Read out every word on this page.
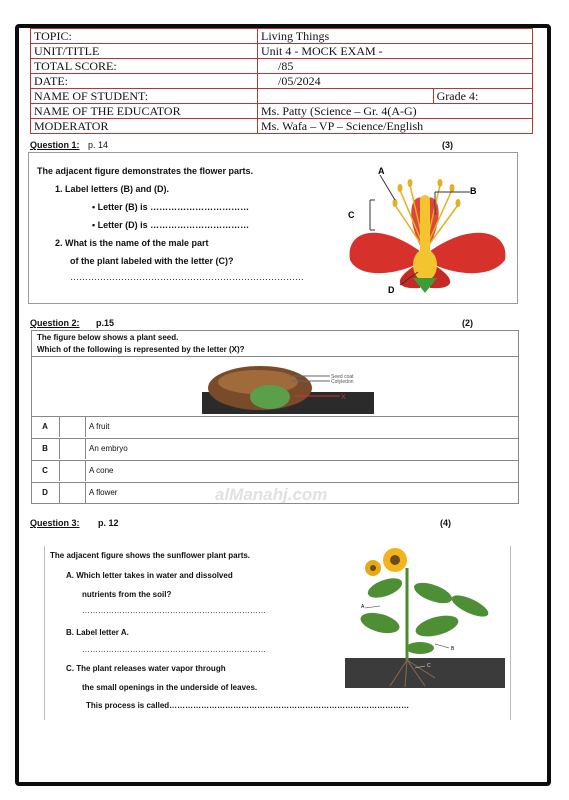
TOPIC:	Living Things	
UNIT/TITLE	Unit 4 - MOCK EXAM -	
TOTAL SCORE:	/85	
DATE:	/05/2024	
NAME OF STUDENT:		Grade 4:
NAME OF THE EDUCATOR	Ms. Patty (Science – Gr. 4(A-G)	
MODERATOR	Ms. Wafa – VP – Science/English	
Question 1: p. 14	(3)
The adjacent figure demonstrates the flower parts.
1. Label letters (B) and (D).
• Letter (B) is ……………………………
• Letter (D) is ……………………………
2. What is the name of the male part
of the plant labeled with the letter (C)?
……………………………………………………………………
A
B
C
D
Question 2: p.15	(2)
The figure below shows a plant seed.
Which of the following is represented by the letter (X)?
Seed coat
Cotyledon
X
A	A fruit
B	An embryo
C	A cone
D	A flower	alManahj.com
Question 3: p. 12	(4)
The adjacent figure shows the sunflower plant parts.
A. Which letter takes in water and dissolved
nutrients from the soil?
……………………………………………………………
B. Label letter A.
……………………………………………………………
C. The plant releases water vapor through
the small openings in the underside of leaves.
This process is called………………………………………………………………………………
A
B
C
